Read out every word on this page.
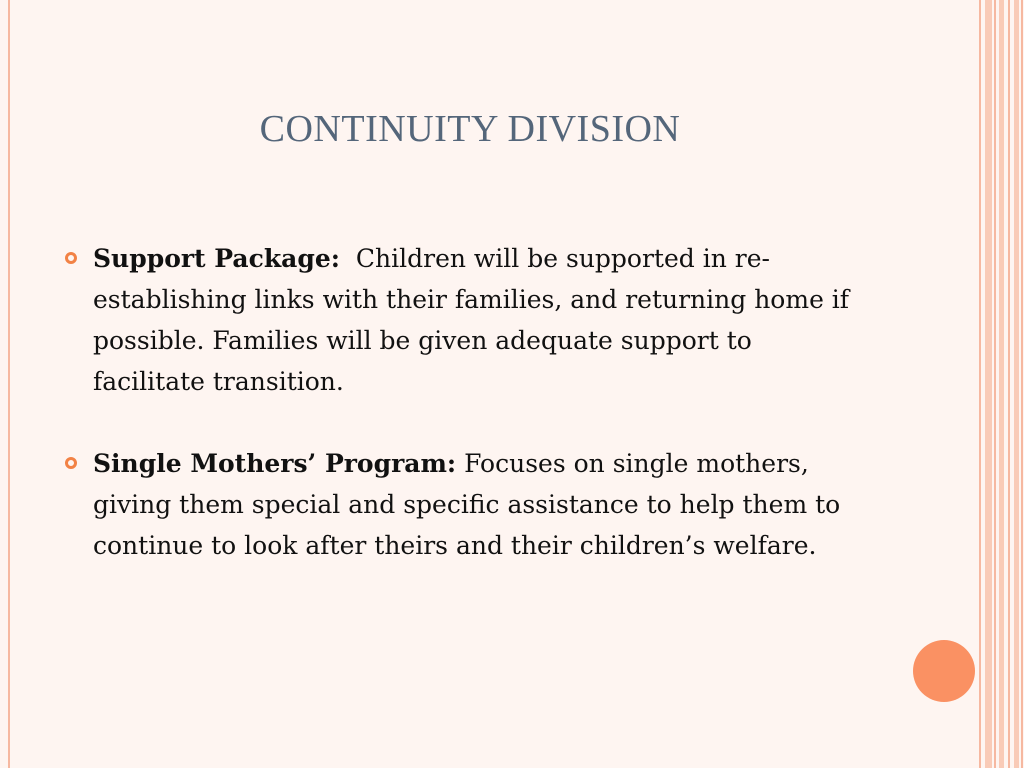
CONTINUITY DIVISION
Support Package: Children will be supported in re-establishing links with their families, and returning home if possible. Families will be given adequate support to facilitate transition.
Single Mothers’ Program: Focuses on single mothers, giving them special and specific assistance to help them to continue to look after theirs and their children’s welfare.
